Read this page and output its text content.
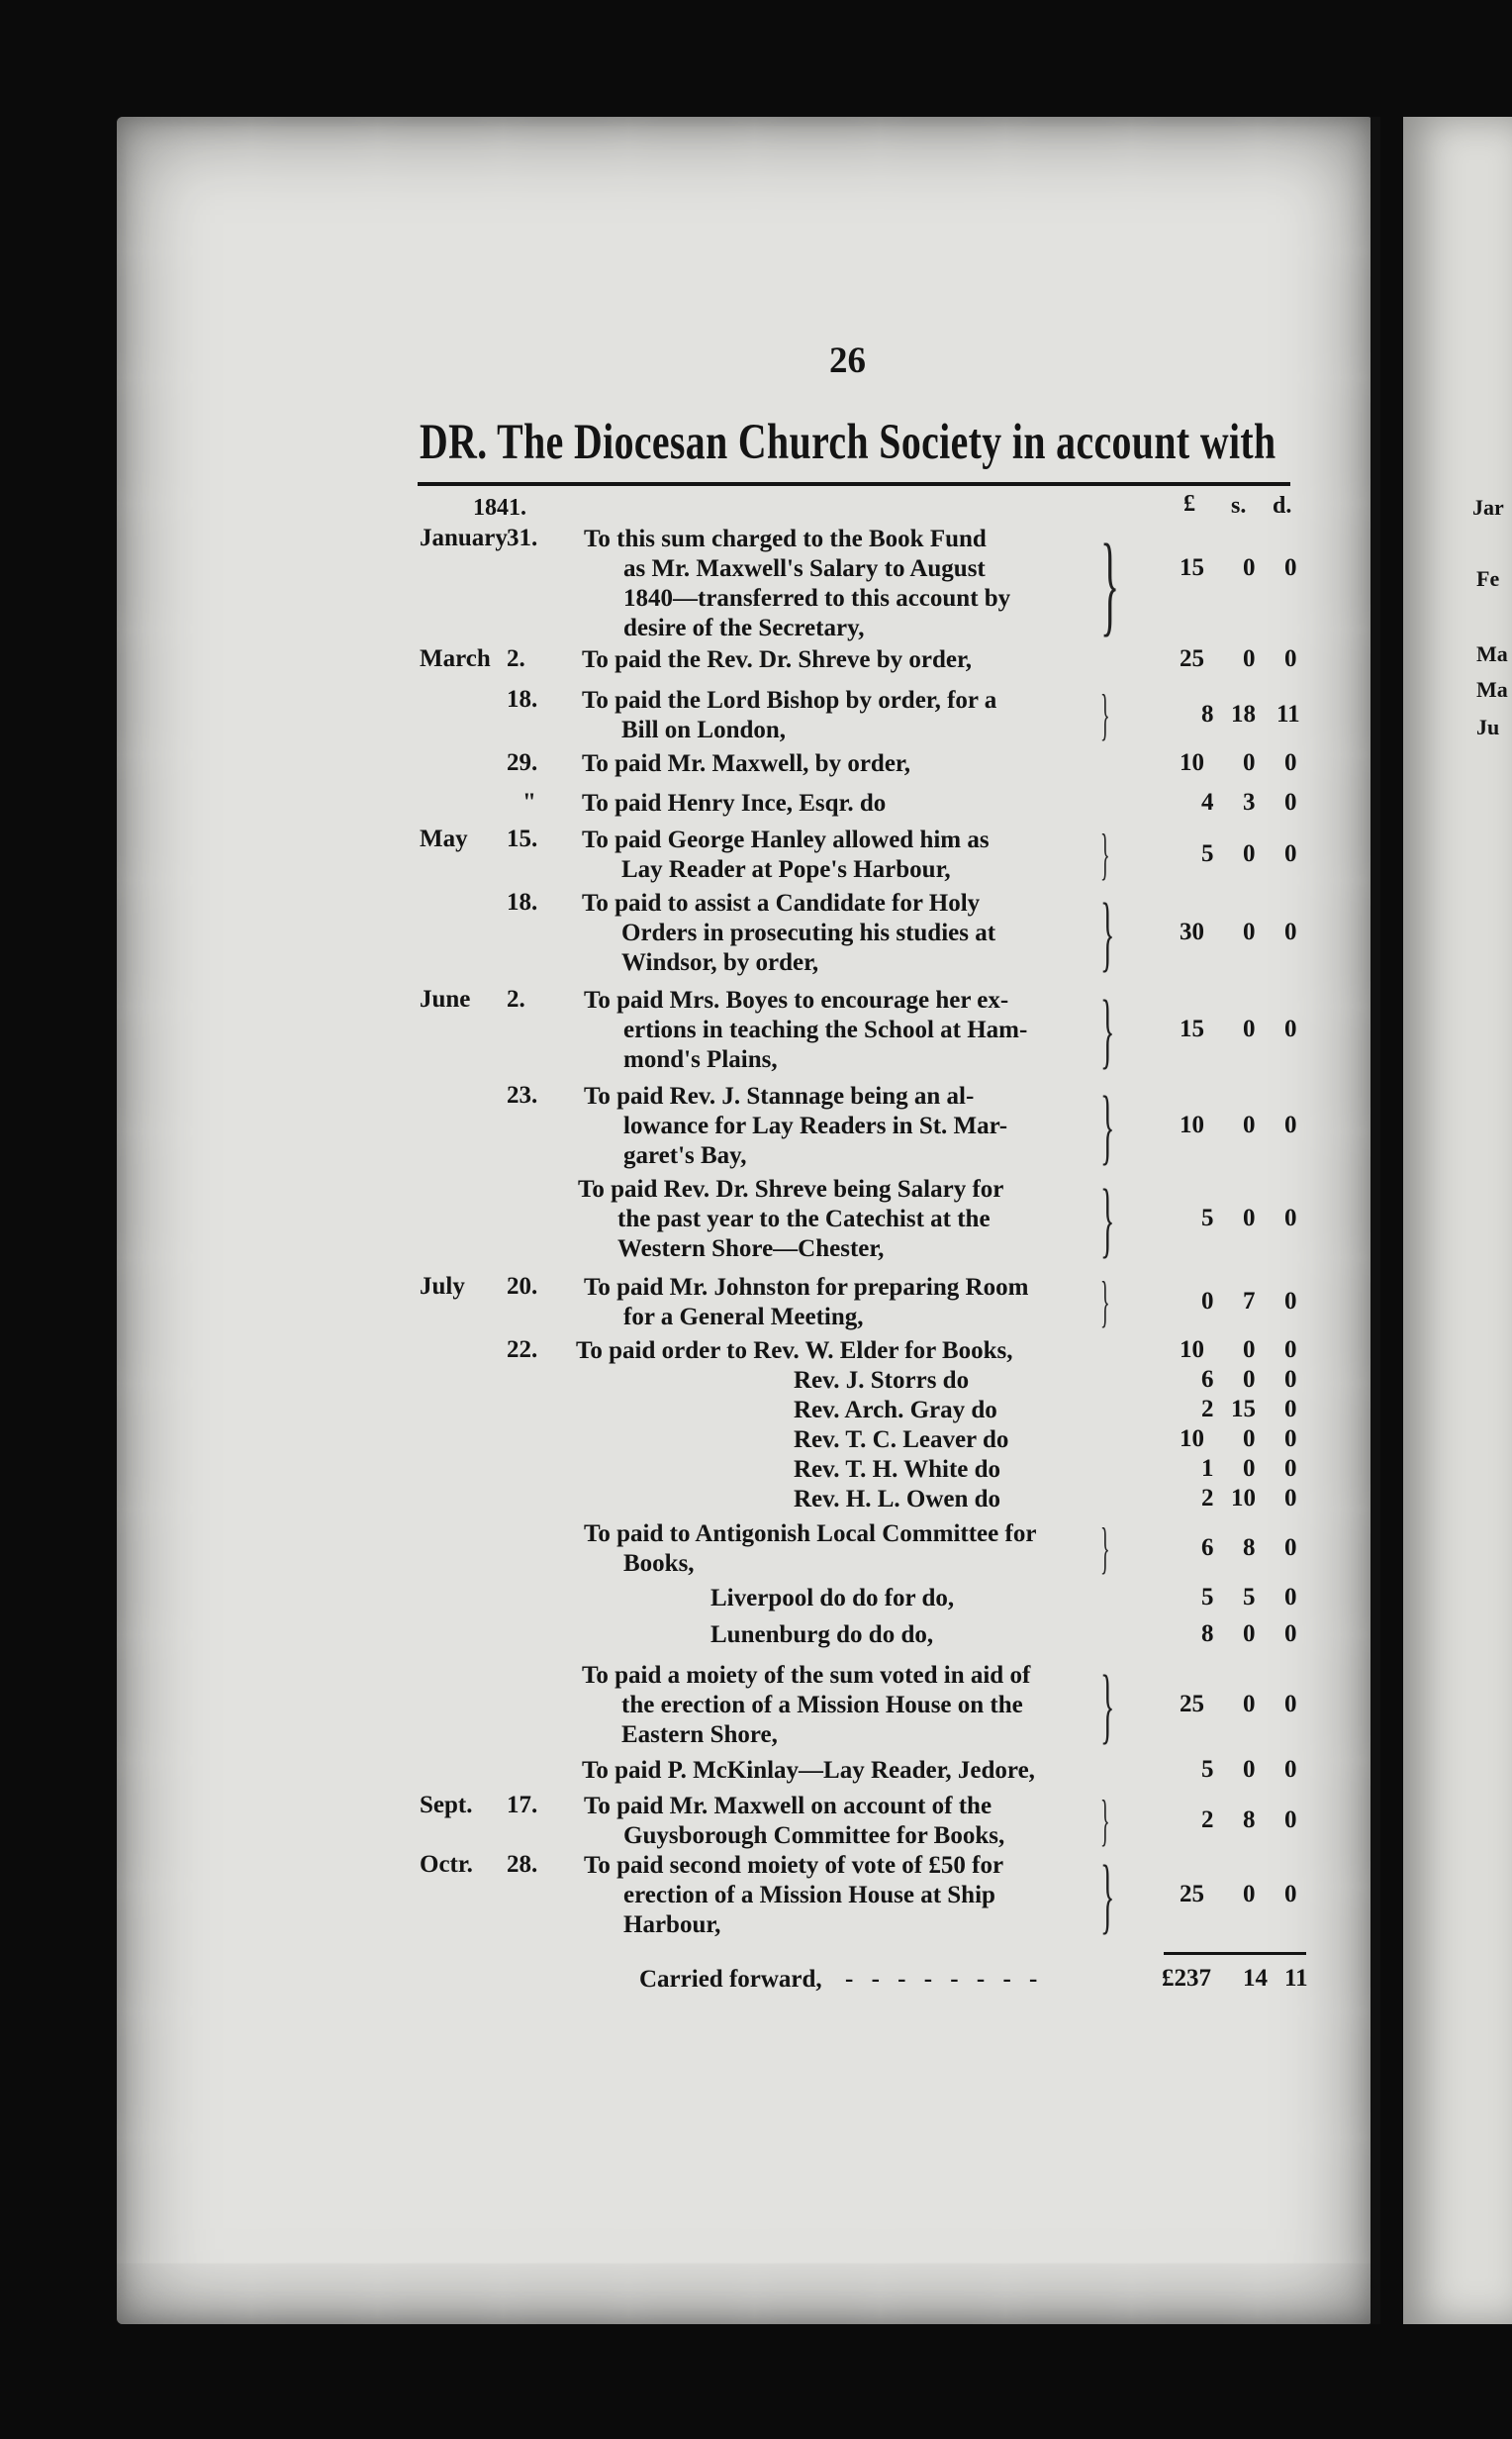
Jar
Fe
Ma
Ma
Ju
26
DR. The Diocesan Church Society in account with
1841.	£ s. d.
January 31. To this sum charged to the Book Fund
as Mr. Maxwell's Salary to August
1840—transferred to this account by
desire of the Secretary, } 15 0 0
March 2. To paid the Rev. Dr. Shreve by order,	25 0 0
18. To paid the Lord Bishop by order, for a
Bill on London,	}	8 18 11
29. To paid Mr. Maxwell, by order,	10 0 0
" To paid Henry Ince, Esqr. do	4 3 0
May 15. To paid George Hanley allowed him as
Lay Reader at Pope's Harbour,	}	5 0 0
18. To paid to assist a Candidate for Holy
Orders in prosecuting his studies at
Windsor, by order,	}	30 0 0
June 2. To paid Mrs. Boyes to encourage her ex-
ertions in teaching the School at Ham-
mond's Plains,	}	15 0 0
23. To paid Rev. J. Stannage being an al-
lowance for Lay Readers in St. Mar-
garet's Bay,	}	10 0 0
To paid Rev. Dr. Shreve being Salary for
the past year to the Catechist at the
Western Shore—Chester,	}	5 0 0
July 20. To paid Mr. Johnston for preparing Room
for a General Meeting,	}	0 7 0
22. To paid order to Rev. W. Elder for Books,	10 0 0
Rev. J. Storrs do	6 0 0
Rev. Arch. Gray do	2 15 0
Rev. T. C. Leaver do	10 0 0
Rev. T. H. White do	1 0 0
Rev. H. L. Owen do	2 10 0
To paid to Antigonish Local Committee for
Books,	}	6 8 0
Liverpool do do for do,	5 5 0
Lunenburg do do do,	8 0 0
To paid a moiety of the sum voted in aid of
the erection of a Mission House on the
Eastern Shore,	}	25 0 0
To paid P. McKinlay—Lay Reader, Jedore,	5 0 0
Sept. 17. To paid Mr. Maxwell on account of the
Guysborough Committee for Books, }	2 8 0
Octr. 28. To paid second moiety of vote of £50 for
erection of a Mission House at Ship
Harbour,	}	25 0 0
Carried forward, - - - - - - - -	£237 14 11
